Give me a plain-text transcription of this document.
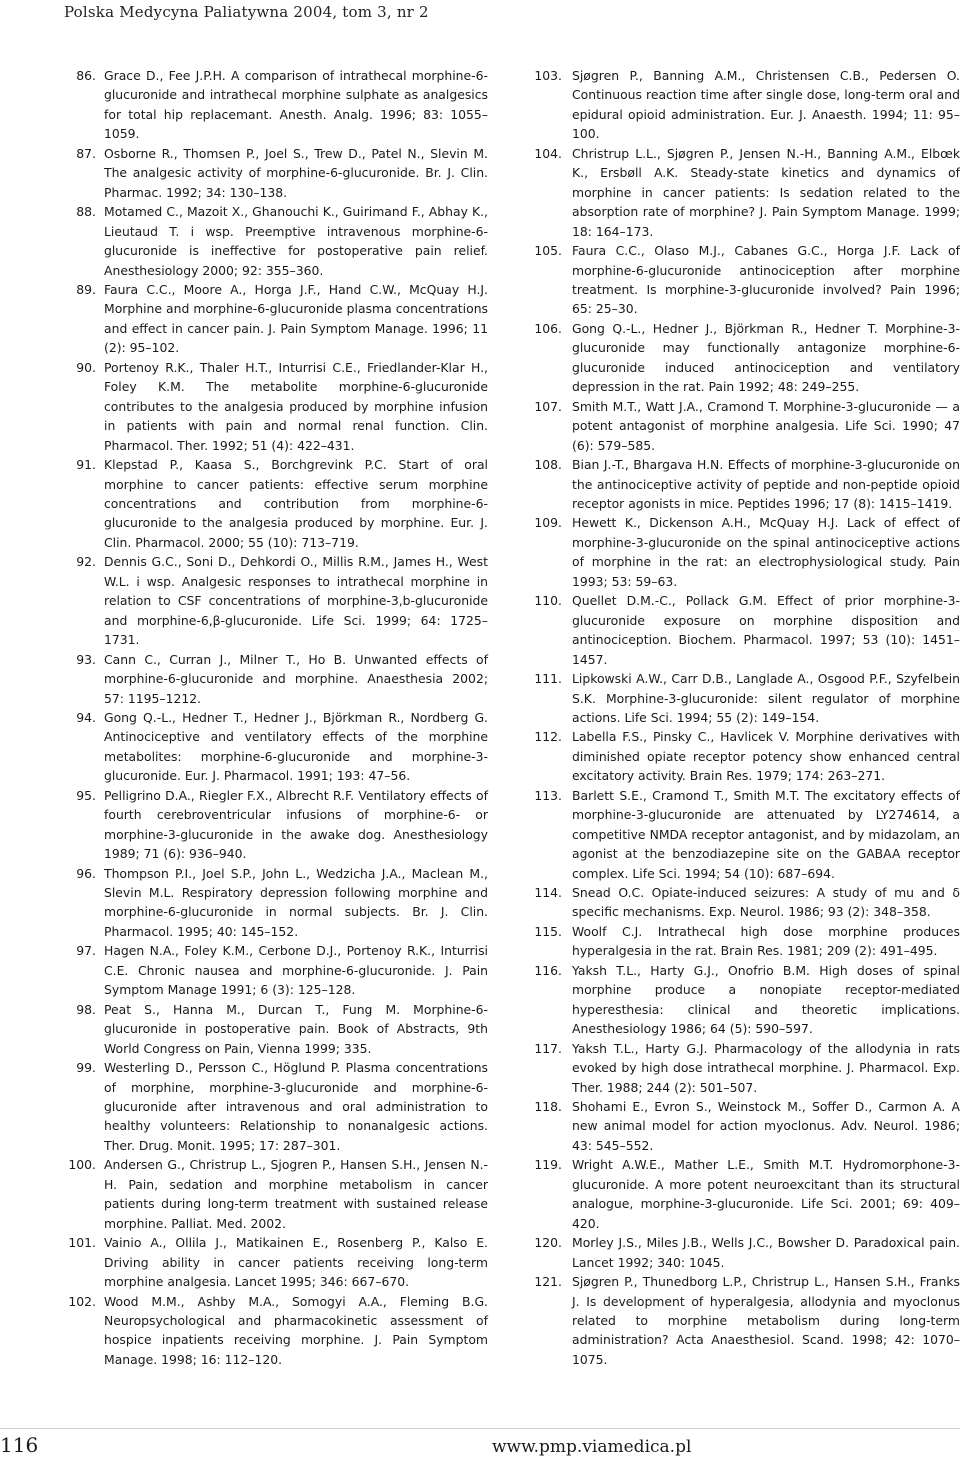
Polska Medycyna Paliatywna 2004, tom 3, nr 2
86. Grace D., Fee J.P.H. A comparison of intrathecal morphine-6-glucuronide and intrathecal morphine sulphate as analgesics for total hip replacemant. Anesth. Analg. 1996; 83: 1055–1059.
87. Osborne R., Thomsen P., Joel S., Trew D., Patel N., Slevin M. The analgesic activity of morphine-6-glucuronide. Br. J. Clin. Pharmac. 1992; 34: 130–138.
88. Motamed C., Mazoit X., Ghanouchi K., Guirimand F., Abhay K., Lieutaud T. i wsp. Preemptive intravenous morphine-6-glucuronide is ineffective for postoperative pain relief. Anesthesiology 2000; 92: 355–360.
89. Faura C.C., Moore A., Horga J.F., Hand C.W., McQuay H.J. Morphine and morphine-6-glucuronide plasma concentrations and effect in cancer pain. J. Pain Symptom Manage. 1996; 11 (2): 95–102.
90. Portenoy R.K., Thaler H.T., Inturrisi C.E., Friedlander-Klar H., Foley K.M. The metabolite morphine-6-glucuronide contributes to the analgesia produced by morphine infusion in patients with pain and normal renal function. Clin. Pharmacol. Ther. 1992; 51 (4): 422–431.
91. Klepstad P., Kaasa S., Borchgrevink P.C. Start of oral morphine to cancer patients: effective serum morphine concentrations and contribution from morphine-6-glucuronide to the analgesia produced by morphine. Eur. J. Clin. Pharmacol. 2000; 55 (10): 713–719.
92. Dennis G.C., Soni D., Dehkordi O., Millis R.M., James H., West W.L. i wsp. Analgesic responses to intrathecal morphine in relation to CSF concentrations of morphine-3,b-glucuronide and morphine-6,β-glucuronide. Life Sci. 1999; 64: 1725–1731.
93. Cann C., Curran J., Milner T., Ho B. Unwanted effects of morphine-6-glucuronide and morphine. Anaesthesia 2002; 57: 1195–1212.
94. Gong Q.-L., Hedner T., Hedner J., Björkman R., Nordberg G. Antinociceptive and ventilatory effects of the morphine metabolites: morphine-6-glucuronide and morphine-3-glucuronide. Eur. J. Pharmacol. 1991; 193: 47–56.
95. Pelligrino D.A., Riegler F.X., Albrecht R.F. Ventilatory effects of fourth cerebroventricular infusions of morphine-6- or morphine-3-glucuronide in the awake dog. Anesthesiology 1989; 71 (6): 936–940.
96. Thompson P.I., Joel S.P., John L., Wedzicha J.A., Maclean M., Slevin M.L. Respiratory depression following morphine and morphine-6-glucuronide in normal subjects. Br. J. Clin. Pharmacol. 1995; 40: 145–152.
97. Hagen N.A., Foley K.M., Cerbone D.J., Portenoy R.K., Inturrisi C.E. Chronic nausea and morphine-6-glucuronide. J. Pain Symptom Manage 1991; 6 (3): 125–128.
98. Peat S., Hanna M., Durcan T., Fung M. Morphine-6-glucuronide in postoperative pain. Book of Abstracts, 9th World Congress on Pain, Vienna 1999; 335.
99. Westerling D., Persson C., Höglund P. Plasma concentrations of morphine, morphine-3-glucuronide and morphine-6-glucuronide after intravenous and oral administration to healthy volunteers: Relationship to nonanalgesic actions. Ther. Drug. Monit. 1995; 17: 287–301.
100. Andersen G., Christrup L., Sjogren P., Hansen S.H., Jensen N.-H. Pain, sedation and morphine metabolism in cancer patients during long-term treatment with sustained release morphine. Palliat. Med. 2002.
101. Vainio A., Ollila J., Matikainen E., Rosenberg P., Kalso E. Driving ability in cancer patients receiving long-term morphine analgesia. Lancet 1995; 346: 667–670.
102. Wood M.M., Ashby M.A., Somogyi A.A., Fleming B.G. Neuropsychological and pharmacokinetic assessment of hospice inpatients receiving morphine. J. Pain Symptom Manage. 1998; 16: 112–120.
103. Sjøgren P., Banning A.M., Christensen C.B., Pedersen O. Continuous reaction time after single dose, long-term oral and epidural opioid administration. Eur. J. Anaesth. 1994; 11: 95–100.
104. Christrup L.L., Sjøgren P., Jensen N.-H., Banning A.M., Elbœk K., Ersbøll A.K. Steady-state kinetics and dynamics of morphine in cancer patients: Is sedation related to the absorption rate of morphine? J. Pain Symptom Manage. 1999; 18: 164–173.
105. Faura C.C., Olaso M.J., Cabanes G.C., Horga J.F. Lack of morphine-6-glucuronide antinociception after morphine treatment. Is morphine-3-glucuronide involved? Pain 1996; 65: 25–30.
106. Gong Q.-L., Hedner J., Björkman R., Hedner T. Morphine-3-glucuronide may functionally antagonize morphine-6-glucuronide induced antinociception and ventilatory depression in the rat. Pain 1992; 48: 249–255.
107. Smith M.T., Watt J.A., Cramond T. Morphine-3-glucuronide — a potent antagonist of morphine analgesia. Life Sci. 1990; 47 (6): 579–585.
108. Bian J.-T., Bhargava H.N. Effects of morphine-3-glucuronide on the antinociceptive activity of peptide and non-peptide opioid receptor agonists in mice. Peptides 1996; 17 (8): 1415–1419.
109. Hewett K., Dickenson A.H., McQuay H.J. Lack of effect of morphine-3-glucuronide on the spinal antinociceptive actions of morphine in the rat: an electrophysiological study. Pain 1993; 53: 59–63.
110. Quellet D.M.-C., Pollack G.M. Effect of prior morphine-3-glucuronide exposure on morphine disposition and antinociception. Biochem. Pharmacol. 1997; 53 (10): 1451–1457.
111. Lipkowski A.W., Carr D.B., Langlade A., Osgood P.F., Szyfelbein S.K. Morphine-3-glucuronide: silent regulator of morphine actions. Life Sci. 1994; 55 (2): 149–154.
112. Labella F.S., Pinsky C., Havlicek V. Morphine derivatives with diminished opiate receptor potency show enhanced central excitatory activity. Brain Res. 1979; 174: 263–271.
113. Barlett S.E., Cramond T., Smith M.T. The excitatory effects of morphine-3-glucuronide are attenuated by LY274614, a competitive NMDA receptor antagonist, and by midazolam, an agonist at the benzodiazepine site on the GABAA receptor complex. Life Sci. 1994; 54 (10): 687–694.
114. Snead O.C. Opiate-induced seizures: A study of mu and δ specific mechanisms. Exp. Neurol. 1986; 93 (2): 348–358.
115. Woolf C.J. Intrathecal high dose morphine produces hyperalgesia in the rat. Brain Res. 1981; 209 (2): 491–495.
116. Yaksh T.L., Harty G.J., Onofrio B.M. High doses of spinal morphine produce a nonopiate receptor-mediated hyperesthesia: clinical and theoretic implications. Anesthesiology 1986; 64 (5): 590–597.
117. Yaksh T.L., Harty G.J. Pharmacology of the allodynia in rats evoked by high dose intrathecal morphine. J. Pharmacol. Exp. Ther. 1988; 244 (2): 501–507.
118. Shohami E., Evron S., Weinstock M., Soffer D., Carmon A. A new animal model for action myoclonus. Adv. Neurol. 1986; 43: 545–552.
119. Wright A.W.E., Mather L.E., Smith M.T. Hydromorphone-3-glucuronide. A more potent neuroexcitant than its structural analogue, morphine-3-glucuronide. Life Sci. 2001; 69: 409–420.
120. Morley J.S., Miles J.B., Wells J.C., Bowsher D. Paradoxical pain. Lancet 1992; 340: 1045.
121. Sjøgren P., Thunedborg L.P., Christrup L., Hansen S.H., Franks J. Is development of hyperalgesia, allodynia and myoclonus related to morphine metabolism during long-term administration? Acta Anaesthesiol. Scand. 1998; 42: 1070–1075.
116	www.pmp.viamedica.pl
